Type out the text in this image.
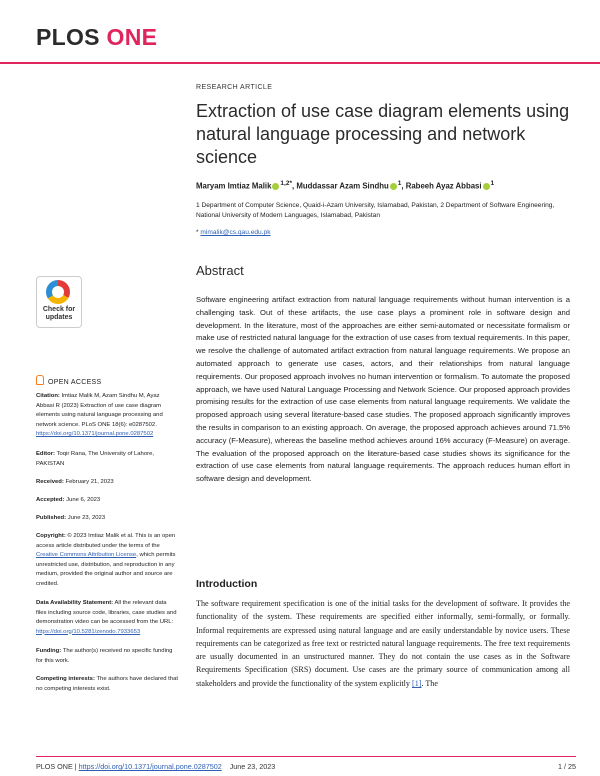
PLOS ONE
RESEARCH ARTICLE
Extraction of use case diagram elements using natural language processing and network science
Maryam Imtiaz Malik $^{1,2*}$, Muddassar Azam Sindhu $^1$, Rabeeh Ayaz Abbasi $^1$
1 Department of Computer Science, Quaid-i-Azam University, Islamabad, Pakistan, 2 Department of Software Engineering, National University of Modern Languages, Islamabad, Pakistan
* mimalik@cs.qau.edu.pk
Abstract
Software engineering artifact extraction from natural language requirements without human intervention is a challenging task. Out of these artifacts, the use case plays a prominent role in software design and development. In the literature, most of the approaches are either semi-automated or necessitate formalism or make use of restricted natural language for the extraction of use cases from textual requirements. In this paper, we resolve the challenge of automated artifact extraction from natural language requirements. We propose an automated approach to generate use cases, actors, and their relationships from natural language requirements. Our proposed approach involves no human intervention or formalism. To automate the proposed approach, we have used Natural Language Processing and Network Science. Our proposed approach provides promising results for the extraction of use case elements from natural language requirements. We validate the proposed approach using several literature-based case studies. The proposed approach significantly improves the results in comparison to an existing approach. On average, the proposed approach achieves around 71.5% accuracy (F-Measure), whereas the baseline method achieves around 16% accuracy (F-Measure) on average. The evaluation of the proposed approach on the literature-based case studies shows its significance for the extraction of use case elements from natural language requirements. The approach reduces human effort in software design and development.
Check for
updates
OPEN ACCESS
Citation: Imtiaz Malik M, Azam Sindhu M, Ayaz Abbasi R (2023) Extraction of use case diagram elements using natural language processing and network science. PLoS ONE 18(6): e0287502. https://doi.org/10.1371/journal.pone.0287502
Editor: Toqir Rana, The University of Lahore, PAKISTAN
Received: February 21, 2023
Accepted: June 6, 2023
Published: June 23, 2023
Copyright: © 2023 Imtiaz Malik et al. This is an open access article distributed under the terms of the Creative Commons Attribution License, which permits unrestricted use, distribution, and reproduction in any medium, provided the original author and source are credited.
Data Availability Statement: All the relevant data files including source code, libraries, case studies and demonstration video can be accessed from the URL: https://doi.org/10.5281/zenodo.7933653
Funding: The author(s) received no specific funding for this work.
Competing interests: The authors have declared that no competing interests exist.
Introduction
The software requirement specification is one of the initial tasks for the development of software. It provides the functionality of the system. These requirements are specified either informally, semi-formally, or formally. Informal requirements are expressed using natural language and are easily understandable by novice users. These requirements can be categorized as free text or restricted natural language requirements. The free text requirements are usually documented in an unstructured manner. They do not contain the use cases as in the Software Requirements Specification (SRS) document. Use cases are the primary source of communication among all stakeholders and provide the functionality of the system explicitly [1]. The
PLOS ONE | https://doi.org/10.1371/journal.pone.0287502 June 23, 2023	1 / 25
